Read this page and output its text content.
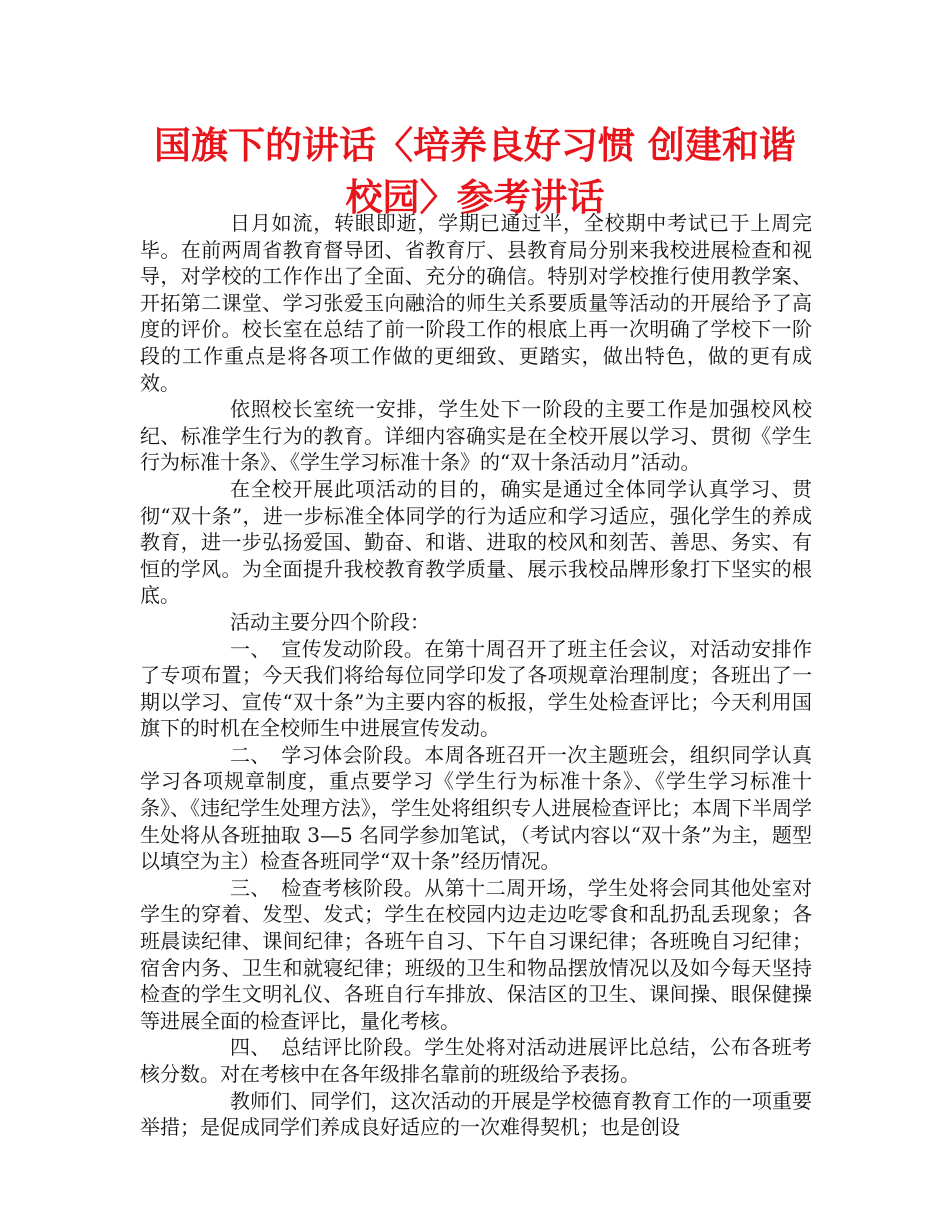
国旗下的讲话〈培养良好习惯 创建和谐校园〉参考讲话

日月如流，转眼即逝，学期已通过半，全校期中考试已于上周完毕。在前两周省教育督导团、省教育厅、县教育局分别来我校进展检查和视导，对学校的工作作出了全面、充分的确信。特别对学校推行使用教学案、开拓第二课堂、学习张爱玉向融洽的师生关系要质量等活动的开展给予了高度的评价。校长室在总结了前一阶段工作的根底上再一次明确了学校下一阶段的工作重点是将各项工作做的更细致、更踏实，做出特色，做的更有成效。

依照校长室统一安排，学生处下一阶段的主要工作是加强校风校纪、标准学生行为的教育。详细内容确实是在全校开展以学习、贯彻《学生行为标准十条》、《学生学习标准十条》的“双十条活动月”活动。

在全校开展此项活动的目的，确实是通过全体同学认真学习、贯彻“双十条”，进一步标准全体同学的行为适应和学习适应，强化学生的养成教育，进一步弘扬爱国、勤奋、和谐、进取的校风和刻苦、善思、务实、有恒的学风。为全面提升我校教育教学质量、展示我校品牌形象打下坚实的根底。

活动主要分四个阶段：

一、　宣传发动阶段。在第十周召开了班主任会议，对活动安排作了专项布置；今天我们将给每位同学印发了各项规章治理制度；各班出了一期以学习、宣传“双十条”为主要内容的板报，学生处检查评比；今天利用国旗下的时机在全校师生中进展宣传发动。

二、　学习体会阶段。本周各班召开一次主题班会，组织同学认真学习各项规章制度，重点要学习《学生行为标准十条》、《学生学习标准十条》、《违纪学生处理方法》，学生处将组织专人进展检查评比；本周下半周学生处将从各班抽取 3—5 名同学参加笔试，（考试内容以“双十条”为主，题型以填空为主）检查各班同学“双十条”经历情况。

三、　检查考核阶段。从第十二周开场，学生处将会同其他处室对学生的穿着、发型、发式；学生在校园内边走边吃零食和乱扔乱丢现象；各班晨读纪律、课间纪律；各班午自习、下午自习课纪律；各班晚自习纪律；宿舍内务、卫生和就寝纪律；班级的卫生和物品摆放情况以及如今每天坚持检查的学生文明礼仪、各班自行车排放、保洁区的卫生、课间操、眼保健操等进展全面的检查评比，量化考核。

四、　总结评比阶段。学生处将对活动进展评比总结，公布各班考核分数。对在考核中在各年级排名靠前的班级给予表扬。

教师们、同学们，这次活动的开展是学校德育教育工作的一项重要举措；是促成同学们养成良好适应的一次难得契机；也是创设
